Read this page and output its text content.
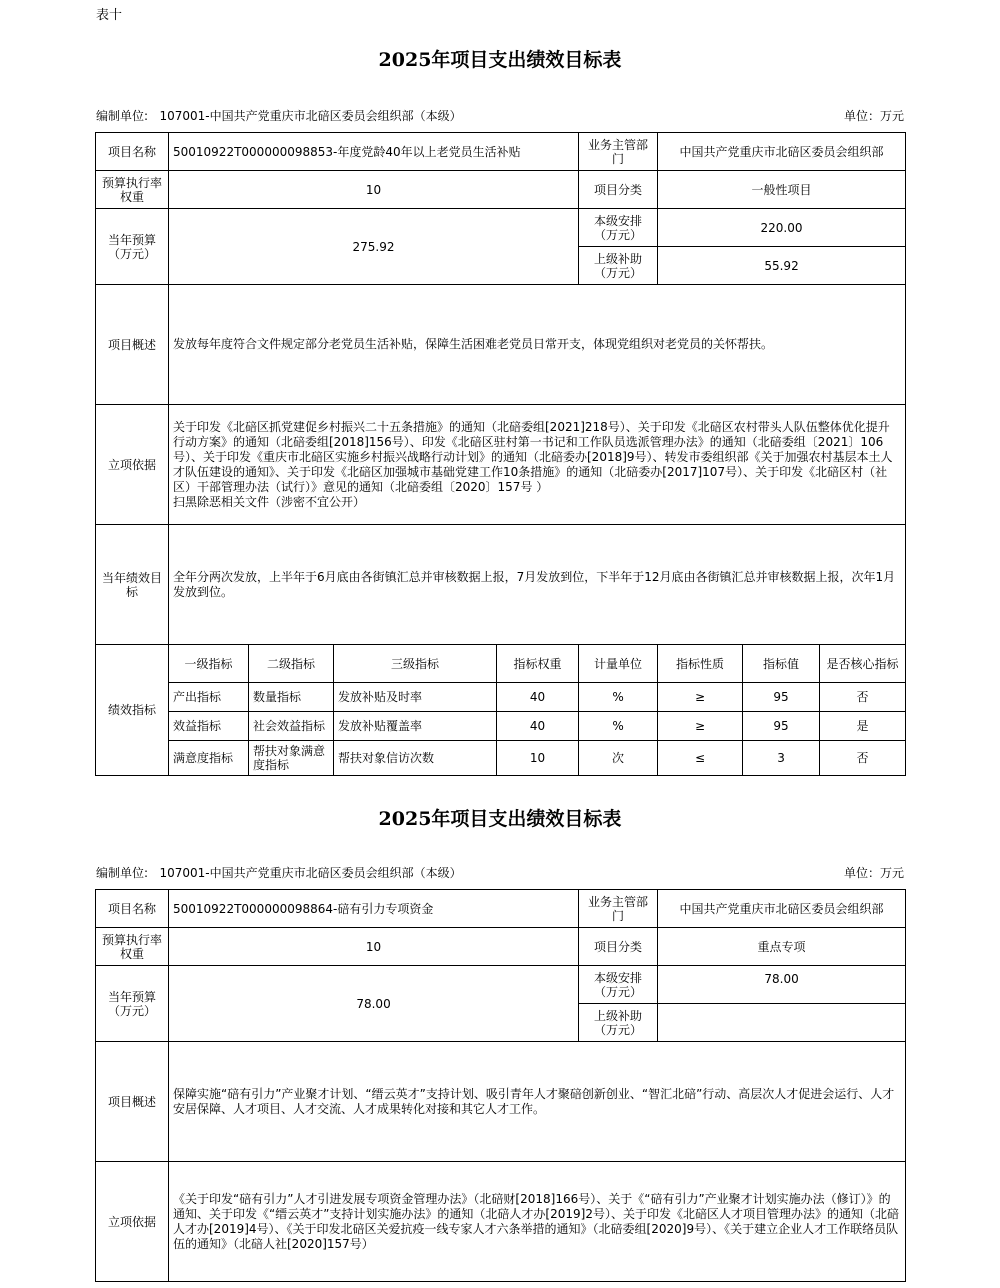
表十
2025年项目支出绩效目标表
编制单位: 107001-中国共产党重庆市北碚区委员会组织部（本级）	单位：万元
项目名称	50010922T000000098853-年度党龄40年以上老党员生活补贴				业务主管部门	中国共产党重庆市北碚区委员会组织部		
预算执行率权重	10				项目分类	一般性项目		
当年预算（万元）	275.92				本级安排（万元）	220.00		
					上级补助（万元）	55.92		
项目概述	发放每年度符合文件规定部分老党员生活补贴，保障生活困难老党员日常开支，体现党组织对老党员的关怀帮扶。							
立项依据	关于印发《北碚区抓党建促乡村振兴二十五条措施》的通知（北碚委组[2021]218号）、关于印发《北碚区农村带头人队伍整体优化提升行动方案》的通知（北碚委组[2018]156号）、印发《北碚区驻村第一书记和工作队员选派管理办法》的通知（北碚委组〔2021〕106号）、关于印发《重庆市北碚区实施乡村振兴战略行动计划》的通知（北碚委办[2018]9号）、转发市委组织部《关于加强农村基层本土人才队伍建设的通知》、关于印发《北碚区加强城市基础党建工作10条措施》的通知（北碚委办[2017]107号）、关于印发《北碚区村（社区）干部管理办法（试行）》意见的通知（北碚委组〔2020〕157号 ）
扫黑除恶相关文件（涉密不宜公开）							
当年绩效目标	全年分两次发放，上半年于6月底由各街镇汇总并审核数据上报，7月发放到位，下半年于12月底由各街镇汇总并审核数据上报，次年1月发放到位。							
绩效指标	一级指标	二级指标	三级指标	指标权重	计量单位	指标性质	指标值	是否核心指标
	产出指标	数量指标	发放补贴及时率	40	%	≥	95	否
	效益指标	社会效益指标	发放补贴覆盖率	40	%	≥	95	是
	满意度指标	帮扶对象满意度指标	帮扶对象信访次数	10	次	≤	3	否
2025年项目支出绩效目标表
编制单位: 107001-中国共产党重庆市北碚区委员会组织部（本级）	单位：万元
项目名称	50010922T000000098864-碚有引力专项资金	业务主管部门	中国共产党重庆市北碚区委员会组织部
预算执行率权重	10	项目分类	重点专项
当年预算（万元）	78.00	本级安排（万元）	78.00
		上级补助（万元）	
项目概述	保障实施“碚有引力”产业聚才计划、“缙云英才”支持计划、吸引青年人才聚碚创新创业、“智汇北碚”行动、高层次人才促进会运行、人才安居保障、人才项目、人才交流、人才成果转化对接和其它人才工作。		
立项依据	《关于印发“碚有引力”人才引进发展专项资金管理办法》（北碚财[2018]166号）、关于《“碚有引力”产业聚才计划实施办法（修订）》的通知、关于印发《“缙云英才”支持计划实施办法》的通知（北碚人才办[2019]2号）、关于印发《北碚区人才项目管理办法》的通知（北碚人才办[2019]4号）、《关于印发北碚区关爱抗疫一线专家人才六条举措的通知》（北碚委组[2020]9号）、《关于建立企业人才工作联络员队伍的通知》（北碚人社[2020]157号）		
